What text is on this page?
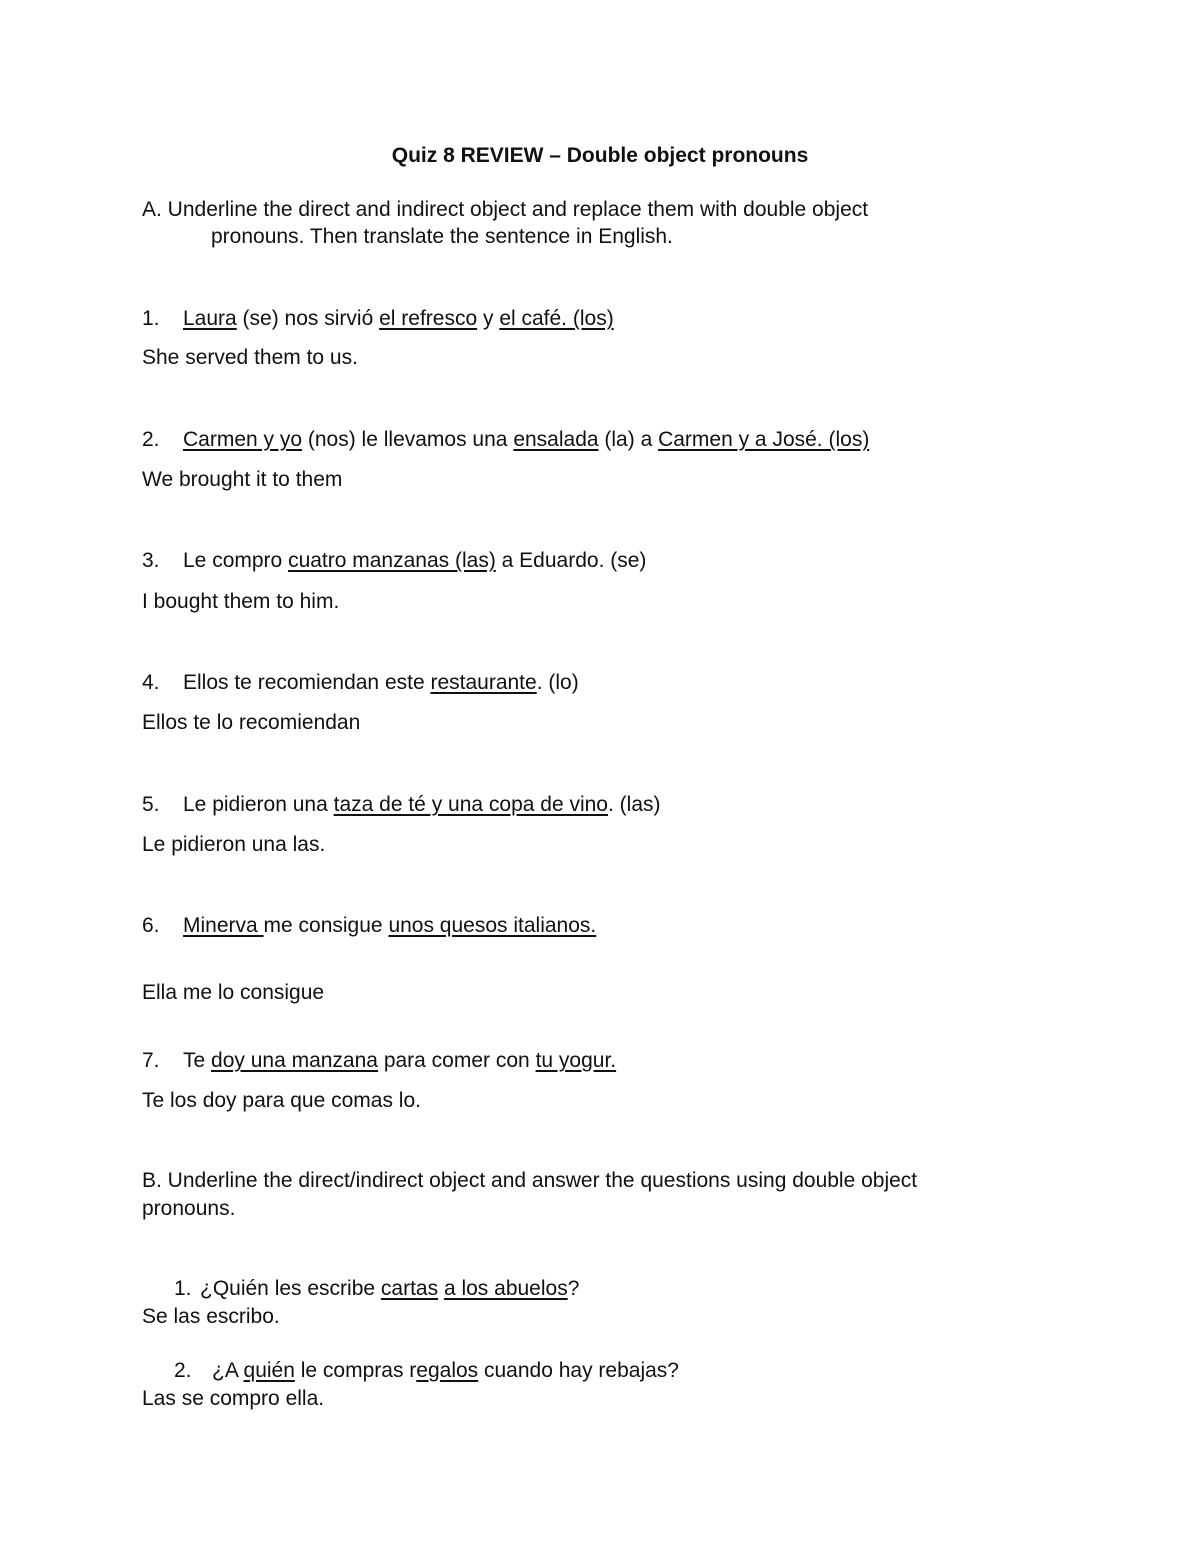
Quiz 8 REVIEW – Double object pronouns
A. Underline the direct and indirect object and replace them with double object
pronouns. Then translate the sentence in English.
1. Laura (se) nos sirvió el refresco y el café. (los)
She served them to us.
2. Carmen y yo (nos) le llevamos una ensalada (la) a Carmen y a José. (los)
We brought it to them
3. Le compro cuatro manzanas (las) a Eduardo. (se)
I bought them to him.
4. Ellos te recomiendan este restaurante. (lo)
Ellos te lo recomiendan
5. Le pidieron una taza de té y una copa de vino. (las)
Le pidieron una las.
6. Minerva me consigue unos quesos italianos.
Ella me lo consigue
7. Te doy una manzana para comer con tu yogur.
Te los doy para que comas lo.
B. Underline the direct/indirect object and answer the questions using double object
pronouns.
1. ¿Quién les escribe cartas a los abuelos?
Se las escribo.
2. ¿A quién le compras regalos cuando hay rebajas?
Las se compro ella.
